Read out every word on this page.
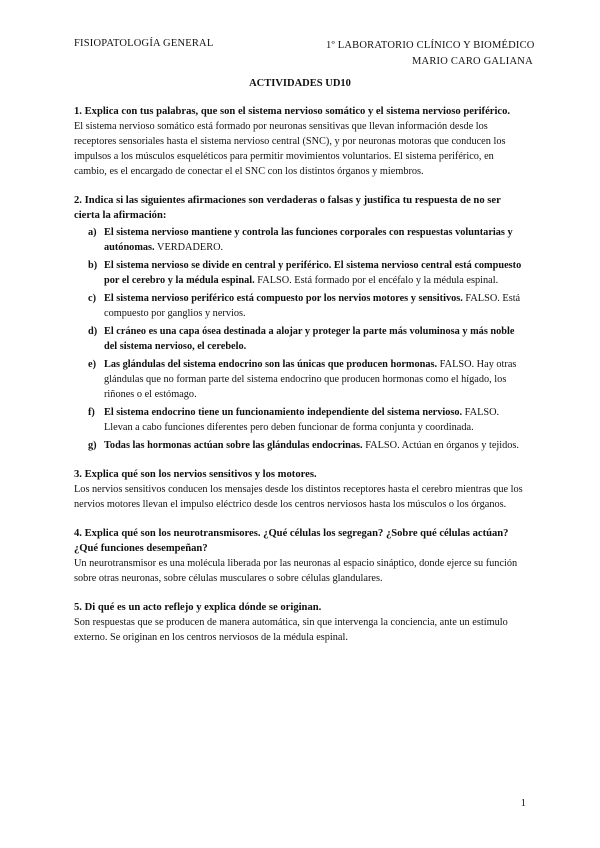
FISIOPATOLOGÍA GENERAL	1º LABORATORIO CLÍNICO Y BIOMÉDICO
MARIO CARO GALIANA
ACTIVIDADES UD10
1. Explica con tus palabras, que son el sistema nervioso somático y el sistema nervioso periférico.

El sistema nervioso somático está formado por neuronas sensitivas que llevan información desde los receptores sensoriales hasta el sistema nervioso central (SNC), y por neuronas motoras que conducen los impulsos a los músculos esqueléticos para permitir movimientos voluntarios. El sistema periférico, en cambio, es el encargado de conectar el el SNC con los distintos órganos y miembros.

2. Indica si las siguientes afirmaciones son verdaderas o falsas y justifica tu respuesta de no ser cierta la afirmación:
a) El sistema nervioso mantiene y controla las funciones corporales con respuestas voluntarias y autónomas. VERDADERO.
b) El sistema nervioso se divide en central y periférico. El sistema nervioso central está compuesto por el cerebro y la médula espinal. FALSO. Está formado por el encéfalo y la médula espinal.
c) El sistema nervioso periférico está compuesto por los nervios motores y sensitivos. FALSO. Está compuesto por ganglios y nervios.
d) El cráneo es una capa ósea destinada a alojar y proteger la parte más voluminosa y más noble del sistema nervioso, el cerebelo.
e) Las glándulas del sistema endocrino son las únicas que producen hormonas. FALSO. Hay otras glándulas que no forman parte del sistema endocrino que producen hormonas como el hígado, los riñones o el estómago.
f) El sistema endocrino tiene un funcionamiento independiente del sistema nervioso. FALSO. Llevan a cabo funciones diferentes pero deben funcionar de forma conjunta y coordinada.
g) Todas las hormonas actúan sobre las glándulas endocrinas. FALSO. Actúan en órganos y tejidos.
3. Explica qué son los nervios sensitivos y los motores.

Los nervios sensitivos conducen los mensajes desde los distintos receptores hasta el cerebro mientras que los nervios motores llevan el impulso eléctrico desde los centros nerviosos hasta los músculos o los órganos.

4. Explica qué son los neurotransmisores. ¿Qué células los segregan? ¿Sobre qué células actúan? ¿Qué funciones desempeñan?

Un neurotransmisor es una molécula liberada por las neuronas al espacio sináptico, donde ejerce su función sobre otras neuronas, sobre células musculares o sobre células glandulares.

5. Di qué es un acto reflejo y explica dónde se originan.

Son respuestas que se producen de manera automática, sin que intervenga la conciencia, ante un estímulo externo. Se originan en los centros nerviosos de la médula espinal.

1
